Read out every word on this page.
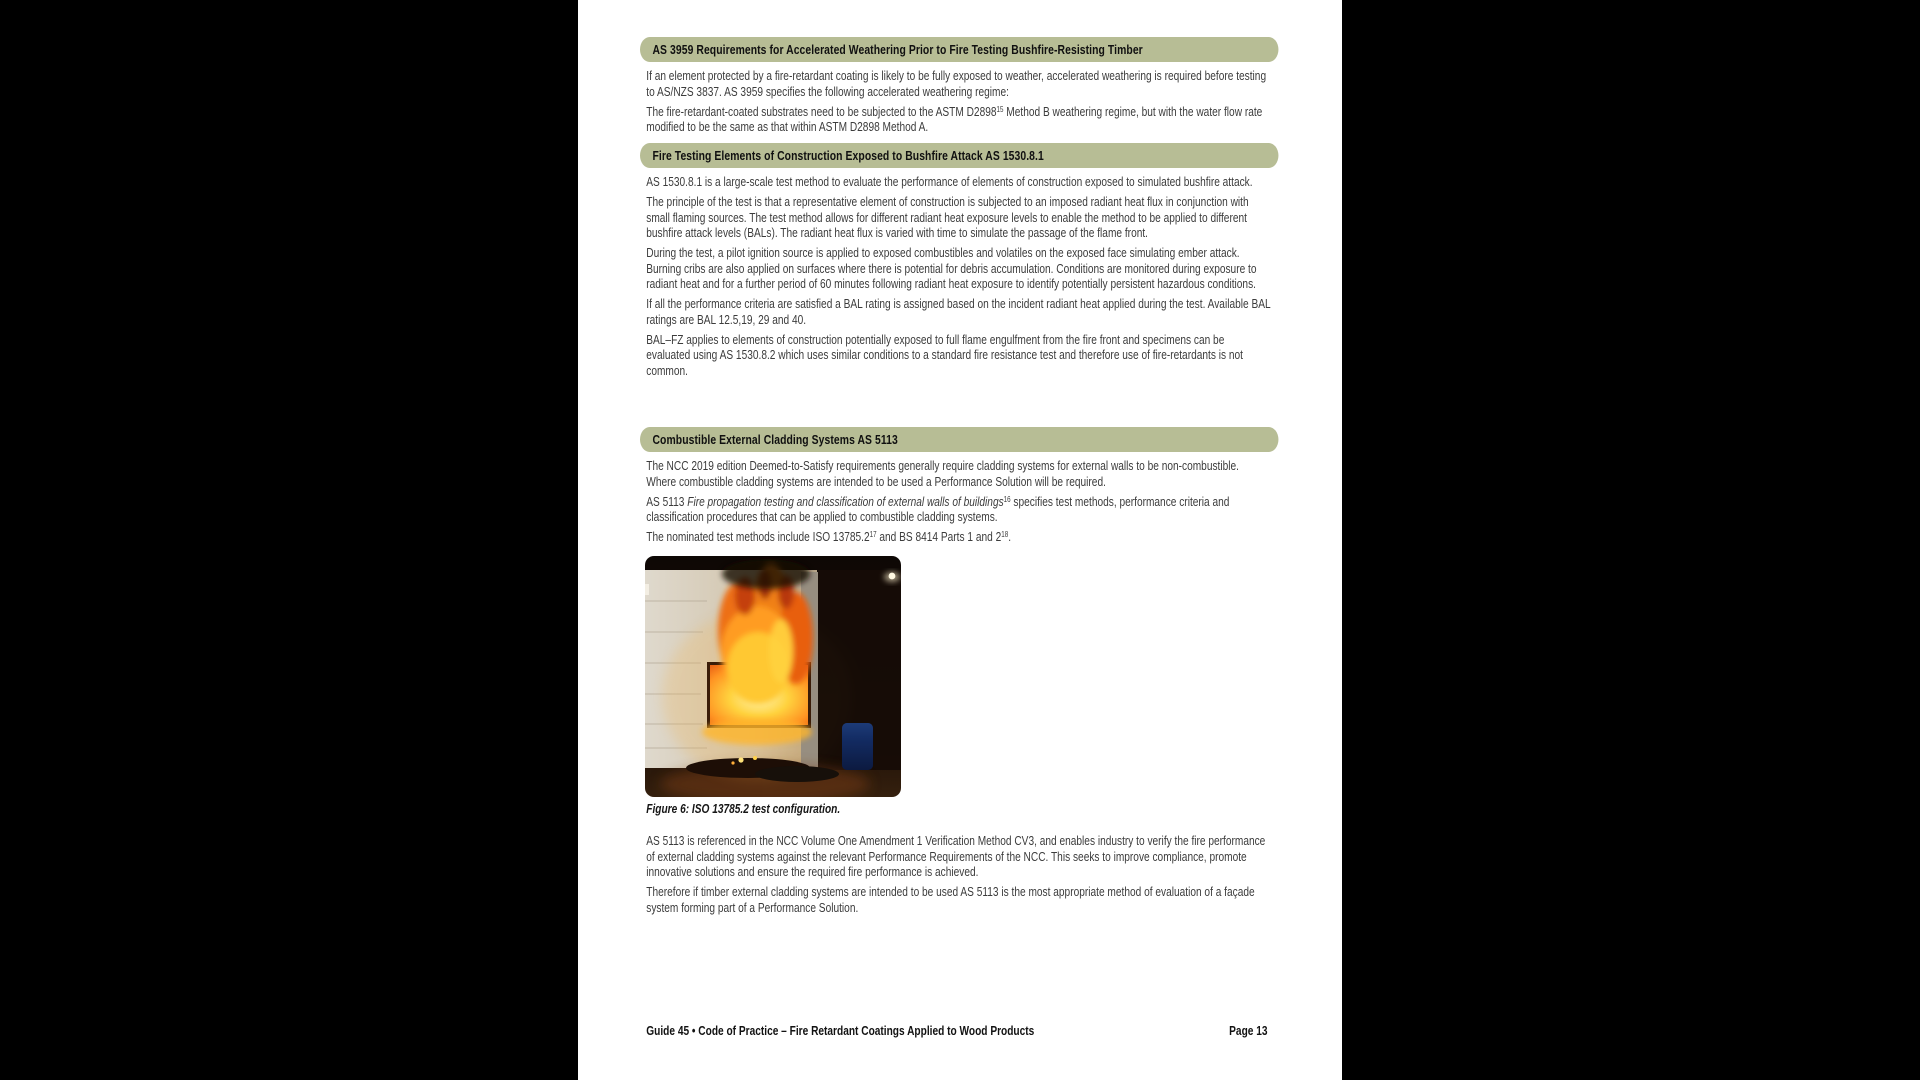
AS 3959 Requirements for Accelerated Weathering Prior to Fire Testing Bushfire-Resisting Timber

If an element protected by a fire-retardant coating is likely to be fully exposed to weather, accelerated weathering is required before testing to AS/NZS 3837. AS 3959 specifies the following accelerated weathering regime:

The fire-retardant-coated substrates need to be subjected to the ASTM D2898$^{15}$ Method B weathering regime, but with the water flow rate modified to be the same as that within ASTM D2898 Method A.

Fire Testing Elements of Construction Exposed to Bushfire Attack AS 1530.8.1

AS 1530.8.1 is a large-scale test method to evaluate the performance of elements of construction exposed to simulated bushfire attack.

The principle of the test is that a representative element of construction is subjected to an imposed radiant heat flux in conjunction with small flaming sources. The test method allows for different radiant heat exposure levels to enable the method to be applied to different bushfire attack levels (BALs). The radiant heat flux is varied with time to simulate the passage of the flame front.

During the test, a pilot ignition source is applied to exposed combustibles and volatiles on the exposed face simulating ember attack. Burning cribs are also applied on surfaces where there is potential for debris accumulation. Conditions are monitored during exposure to radiant heat and for a further period of 60 minutes following radiant heat exposure to identify potentially persistent hazardous conditions.

If all the performance criteria are satisfied a BAL rating is assigned based on the incident radiant heat applied during the test. Available BAL ratings are BAL 12.5,19, 29 and 40.

BAL–FZ applies to elements of construction potentially exposed to full flame engulfment from the fire front and specimens can be evaluated using AS 1530.8.2 which uses similar conditions to a standard fire resistance test and therefore use of fire-retardants is not common.

Combustible External Cladding Systems AS 5113

The NCC 2019 edition Deemed-to-Satisfy requirements generally require cladding systems for external walls to be non-combustible. Where combustible cladding systems are intended to be used a Performance Solution will be required.

AS 5113 Fire propagation testing and classification of external walls of buildings$^{16}$ specifies test methods, performance criteria and classification procedures that can be applied to combustible cladding systems.

The nominated test methods include ISO 13785.2$^{17}$ and BS 8414 Parts 1 and $2^{18}$.

Figure 6: ISO 13785.2 test configuration.

AS 5113 is referenced in the NCC Volume One Amendment 1 Verification Method CV3, and enables industry to verify the fire performance of external cladding systems against the relevant Performance Requirements of the NCC. This seeks to improve compliance, promote innovative solutions and ensure the required fire performance is achieved.

Therefore if timber external cladding systems are intended to be used AS 5113 is the most appropriate method of evaluation of a façade system forming part of a Performance Solution.

Guide 45 • Code of Practice – Fire Retardant Coatings Applied to Wood Products	Page 13
